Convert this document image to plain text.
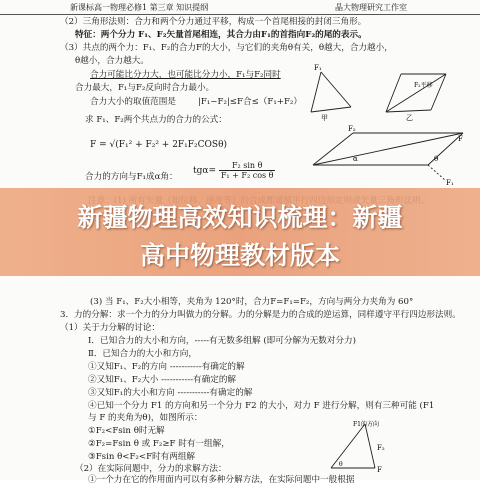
新课标高一物理必修1 第三章 知识提纲	晶大物理研究工作室
（2）三角形法则：合力和两个分力通过平移，构成一个首尾相接的封闭三角形。
特征：两个分力 F₁、F₂矢量首尾相连，其合力由F₁的首指向F₂的尾的表示。
（3）共点的两个力：F₁、F₂的合力F的大小，与它们的夹角θ有关，θ越大，合力越小，
θ越小，合力越大。
合力可能比分力大，也可能比分力小，F₁与F₂同时
合力最大，F₁与F₂反向时合力最小。
合力大小的取值范围是	|F₁−F₂|≤F合≤（F₁+F₂）
求 F₁、F₂两个共点力的合力的公式：
F = √(F₁² + F₂² + 2F₁F₂COSθ)
合力的方向与F₁成α角：
$tg\alpha= \frac{\text{F₂ sin θ}}{\text{F₁ + F₂ cos θ}}$
F₁
甲
F₂平移
乙
F₂
F
α	θ
F₁
(3) 当 F₁、F₂大小相等，夹角为 120°时，合力F=F₁=F₂，方向与两分力夹角为 60°
3．力的分解：求一个力的分力叫做力的分解。力的分解是力的合成的逆运算，同样遵守平行四边形法则。
（1）关于力分解的讨论：
Ⅰ．已知合力的大小和方向，-----有无数多组解 (即可分解为无数对分力)
Ⅱ．已知合力的大小和方向，
①又知F₁、F₂的方向 -----------有确定的解
②又知F₁、F₂大小 -----------有确定的解
③又知F₁的大小和方向 -----------有确定的解
④已知一个分力 F1 的方向和另一个分力 F2 的大小，对力 F 进行分解，则有三种可能 (F1
与 F 的夹角为θ)，如图所示：
①F₂<Fsin θ时无解
②F₂=Fsin θ 或 F₂≥F 时有一组解，
③Fsin θ<F₂<F时有两组解
（2）在实际问题中，分力的求解方法：
①一个力在它的作用面内可以有多种分解方法，在实际问题中一般根据
F1的方向
F₂
F
θ
新疆物理高效知识梳理：新疆
高中物理教材版本
